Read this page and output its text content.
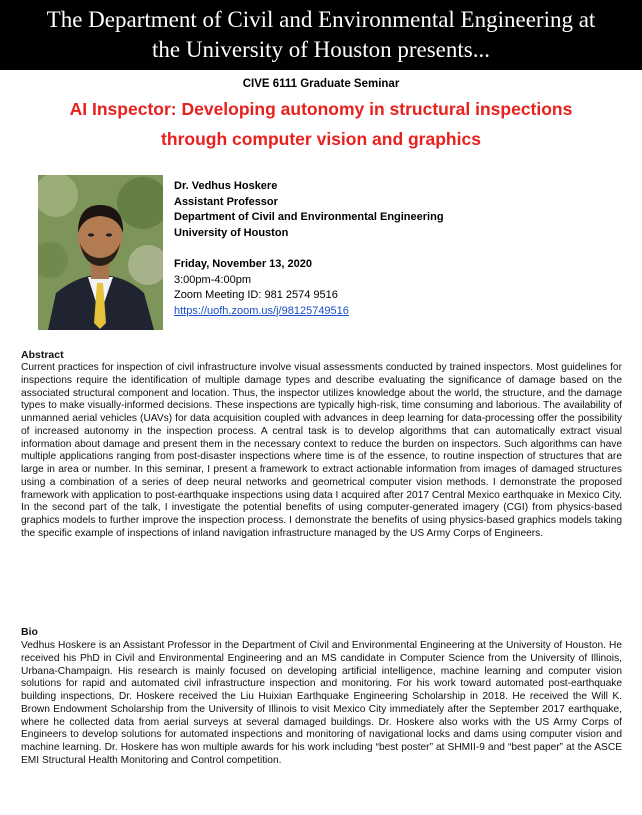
The Department of Civil and Environmental Engineering at
the University of Houston presents...
CIVE 6111 Graduate Seminar
AI Inspector: Developing autonomy in structural inspections through computer vision and graphics
Dr. Vedhus Hoskere
Assistant Professor
Department of Civil and Environmental Engineering
University of Houston
Friday, November 13, 2020
3:00pm-4:00pm
Zoom Meeting ID: 981 2574 9516
https://uofh.zoom.us/j/98125749516
Abstract
Current practices for inspection of civil infrastructure involve visual assessments conducted by trained inspectors. Most guidelines for inspections require the identification of multiple damage types and describe evaluating the significance of damage based on the associated structural component and location. Thus, the inspector utilizes knowledge about the world, the structure, and the damage types to make visually-informed decisions. These inspections are typically high-risk, time consuming and laborious. The availability of unmanned aerial vehicles (UAVs) for data acquisition coupled with advances in deep learning for data-processing offer the possibility of increased autonomy in the inspection process. A central task is to develop algorithms that can automatically extract visual information about damage and present them in the necessary context to reduce the burden on inspectors. Such algorithms can have multiple applications ranging from post-disaster inspections where time is of the essence, to routine inspection of structures that are large in area or number. In this seminar, I present a framework to extract actionable information from images of damaged structures using a combination of a series of deep neural networks and geometrical computer vision methods. I demonstrate the proposed framework with application to post-earthquake inspections using data I acquired after 2017 Central Mexico earthquake in Mexico City. In the second part of the talk, I investigate the potential benefits of using computer-generated imagery (CGI) from physics-based graphics models to further improve the inspection process. I demonstrate the benefits of using physics-based graphics models taking the specific example of inspections of inland navigation infrastructure managed by the US Army Corps of Engineers.
Bio
Vedhus Hoskere is an Assistant Professor in the Department of Civil and Environmental Engineering at the University of Houston. He received his PhD in Civil and Environmental Engineering and an MS candidate in Computer Science from the University of Illinois, Urbana-Champaign. His research is mainly focused on developing artificial intelligence, machine learning and computer vision solutions for rapid and automated civil infrastructure inspection and monitoring. For his work toward automated post-earthquake building inspections, Dr. Hoskere received the Liu Huixian Earthquake Engineering Scholarship in 2018. He received the Will K. Brown Endowment Scholarship from the University of Illinois to visit Mexico City immediately after the September 2017 earthquake, where he collected data from aerial surveys at several damaged buildings. Dr. Hoskere also works with the US Army Corps of Engineers to develop solutions for automated inspections and monitoring of navigational locks and dams using computer vision and machine learning. Dr. Hoskere has won multiple awards for his work including “best poster” at SHMII-9 and “best paper” at the ASCE EMI Structural Health Monitoring and Control competition.
